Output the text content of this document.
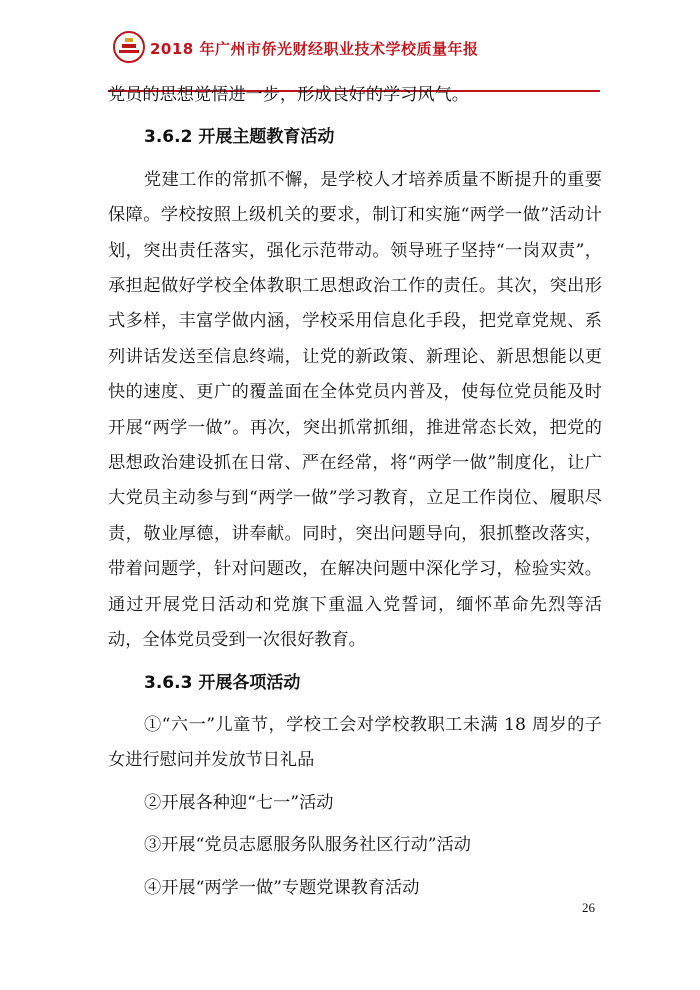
2018 年广州市侨光财经职业技术学校质量年报

党员的思想觉悟进一步，形成良好的学习风气。

3.6.2 开展主题教育活动

党建工作的常抓不懈，是学校人才培养质量不断提升的重要保障。学校按照上级机关的要求，制订和实施“两学一做”活动计划，突出责任落实，强化示范带动。领导班子坚持“一岗双责”，承担起做好学校全体教职工思想政治工作的责任。其次，突出形式多样，丰富学做内涵，学校采用信息化手段，把党章党规、系列讲话发送至信息终端，让党的新政策、新理论、新思想能以更快的速度、更广的覆盖面在全体党员内普及，使每位党员能及时开展“两学一做”。再次，突出抓常抓细，推进常态长效，把党的思想政治建设抓在日常、严在经常，将“两学一做”制度化，让广大党员主动参与到“两学一做”学习教育，立足工作岗位、履职尽责，敬业厚德，讲奉献。同时，突出问题导向，狠抓整改落实，带着问题学，针对问题改，在解决问题中深化学习，检验实效。通过开展党日活动和党旗下重温入党誓词，缅怀革命先烈等活动，全体党员受到一次很好教育。

3.6.3 开展各项活动

①“六一”儿童节，学校工会对学校教职工未满 18 周岁的子女进行慰问并发放节日礼品

②开展各种迎“七一”活动

③开展“党员志愿服务队服务社区行动”活动

④开展“两学一做”专题党课教育活动

26
